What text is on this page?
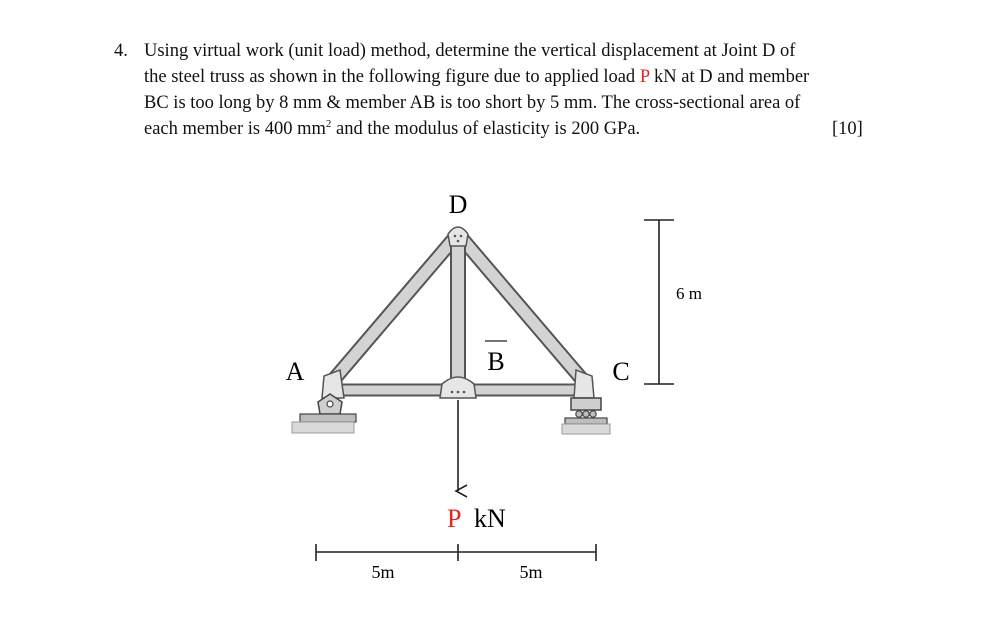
4. Using virtual work (unit load) method, determine the vertical displacement at Joint D of
the steel truss as shown in the following figure due to applied load P kN at D and member
BC is too long by 8 mm & member AB is too short by 5 mm. The cross-sectional area of
each member is 400 $mm^2$ and the modulus of elasticity is 200 GPa.	[10]
D
A	B	C
P kN
6 m
5m	5m
